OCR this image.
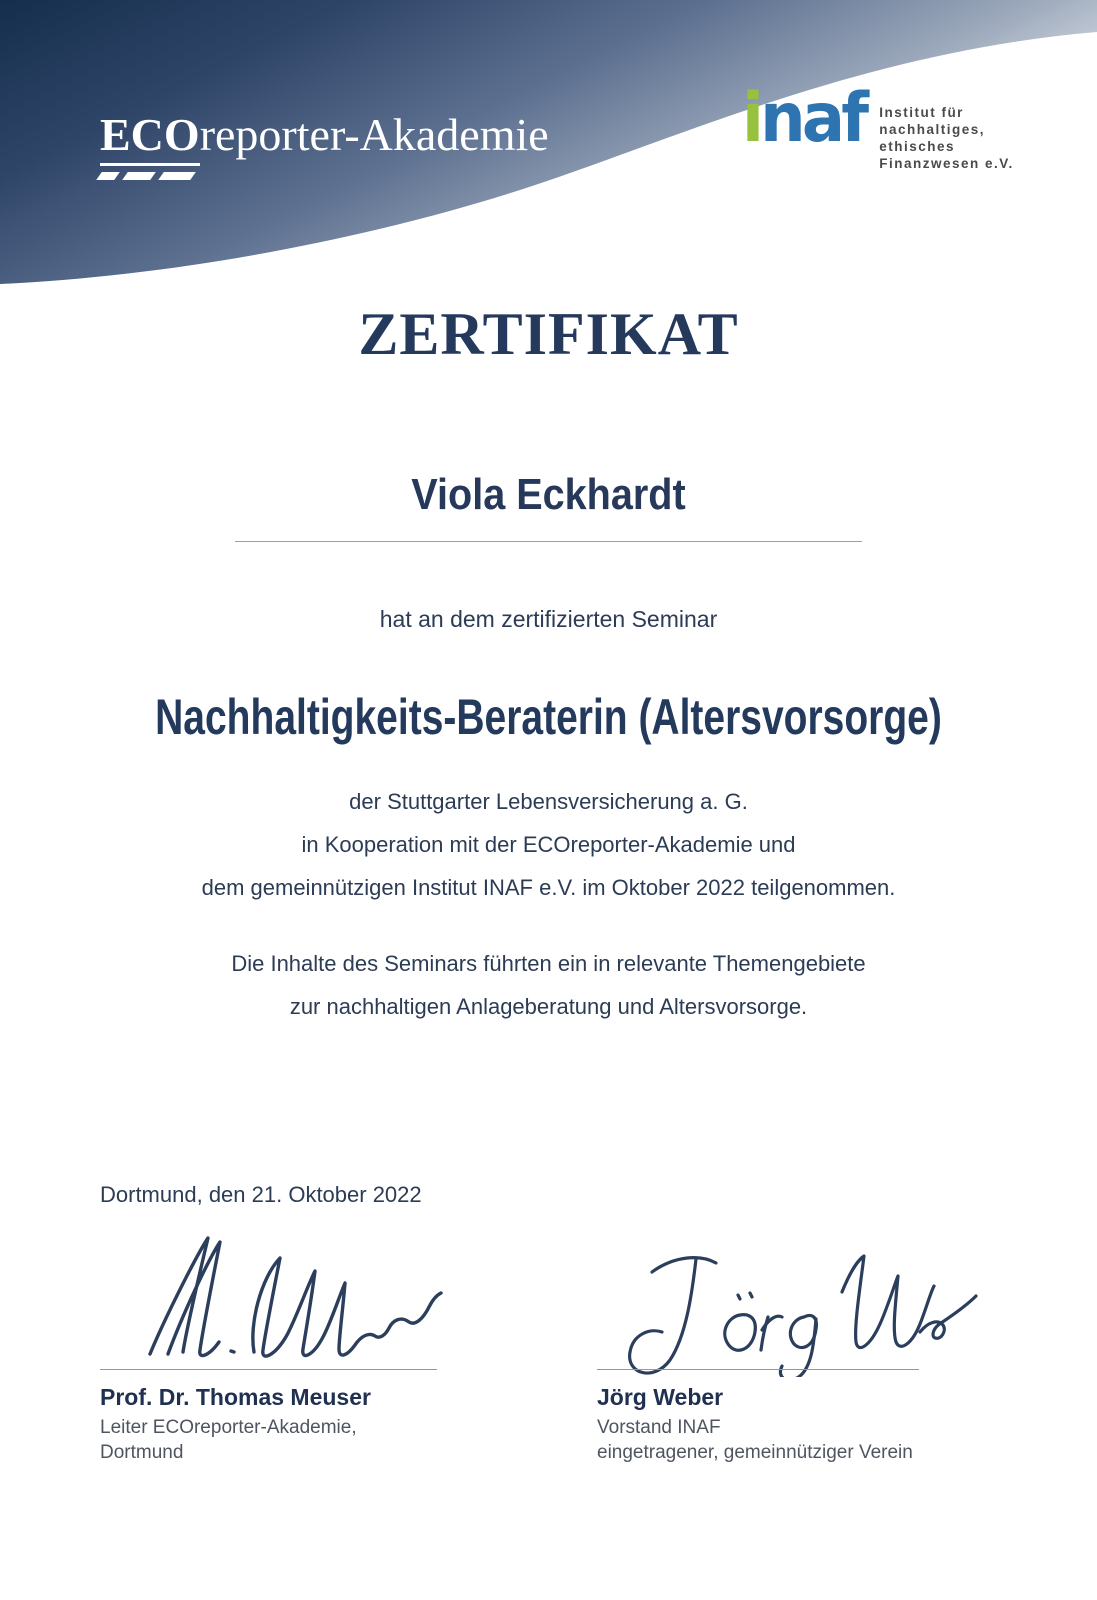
ECOreporter-Akademie	inaf Institut für
nachhaltiges,
ethisches
Finanzwesen e.V.
ZERTIFIKAT
Viola Eckhardt
hat an dem zertifizierten Seminar
Nachhaltigkeits-Beraterin (Altersvorsorge)
der Stuttgarter Lebensversicherung a. G.
in Kooperation mit der ECOreporter-Akademie und
dem gemeinnützigen Institut INAF e.V. im Oktober 2022 teilgenommen.
Die Inhalte des Seminars führten ein in relevante Themengebiete
zur nachhaltigen Anlageberatung und Altersvorsorge.
Dortmund, den 21. Oktober 2022
Prof. Dr. Thomas Meuser
Leiter ECOreporter-Akademie,
Dortmund
Jörg Weber
Vorstand INAF
eingetragener, gemeinnütziger Verein
